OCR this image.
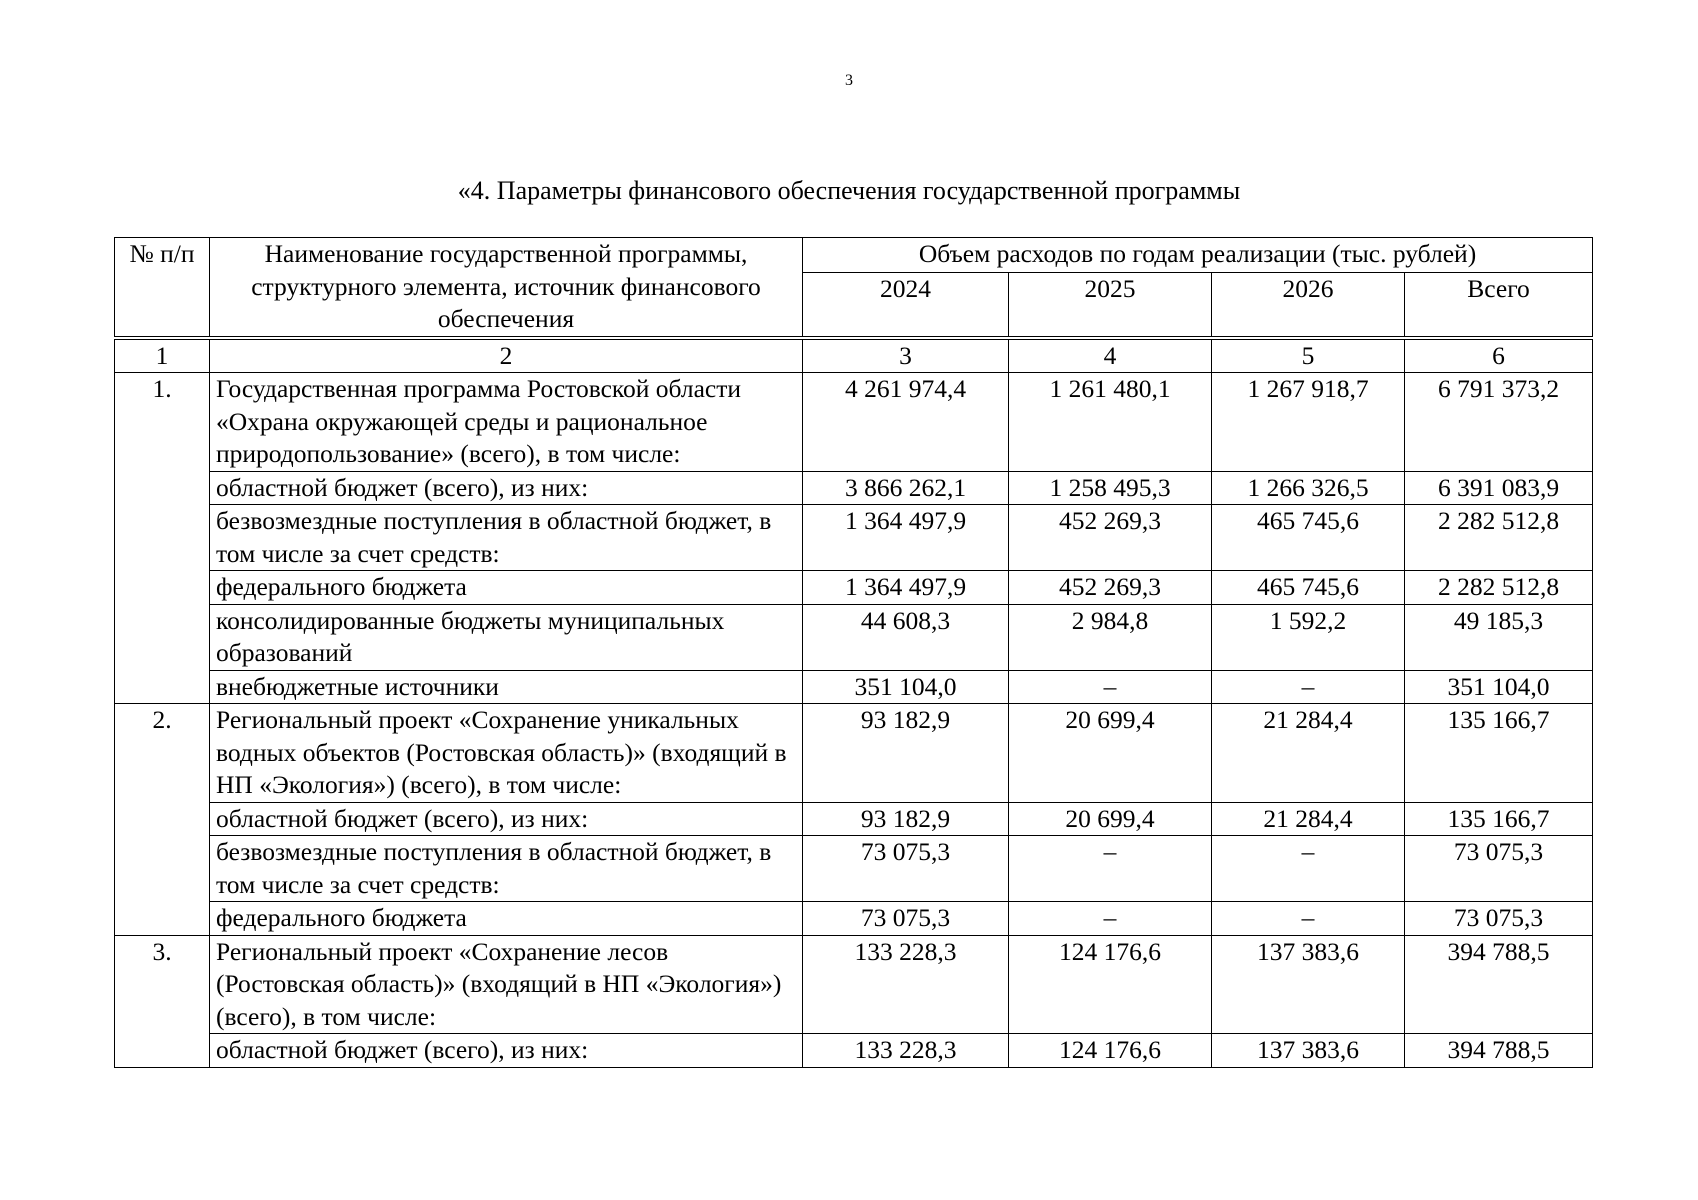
3
«4. Параметры финансового обеспечения государственной программы
№ п/п	Наименование государственной программы, структурного элемента, источник финансового обеспечения	Объем расходов по годам реализации (тыс. рублей)			
		2024	2025	2026	Всего
1	2	3	4	5	6
1.	Государственная программа Ростовской области «Охрана окружающей среды и рациональное природопользование» (всего), в том числе:	4 261 974,4	1 261 480,1	1 267 918,7	6 791 373,2
	областной бюджет (всего), из них:	3 866 262,1	1 258 495,3	1 266 326,5	6 391 083,9
	безвозмездные поступления в областной бюджет, в том числе за счет средств:	1 364 497,9	452 269,3	465 745,6	2 282 512,8
	федерального бюджета	1 364 497,9	452 269,3	465 745,6	2 282 512,8
	консолидированные бюджеты муниципальных образований	44 608,3	2 984,8	1 592,2	49 185,3
	внебюджетные источники	351 104,0	–	–	351 104,0
2.	Региональный проект «Сохранение уникальных водных объектов (Ростовская область)» (входящий в НП «Экология») (всего), в том числе:	93 182,9	20 699,4	21 284,4	135 166,7
	областной бюджет (всего), из них:	93 182,9	20 699,4	21 284,4	135 166,7
	безвозмездные поступления в областной бюджет, в том числе за счет средств:	73 075,3	–	–	73 075,3
	федерального бюджета	73 075,3	–	–	73 075,3
3.	Региональный проект «Сохранение лесов (Ростовская область)» (входящий в НП «Экология») (всего), в том числе:	133 228,3	124 176,6	137 383,6	394 788,5
	областной бюджет (всего), из них:	133 228,3	124 176,6	137 383,6	394 788,5
